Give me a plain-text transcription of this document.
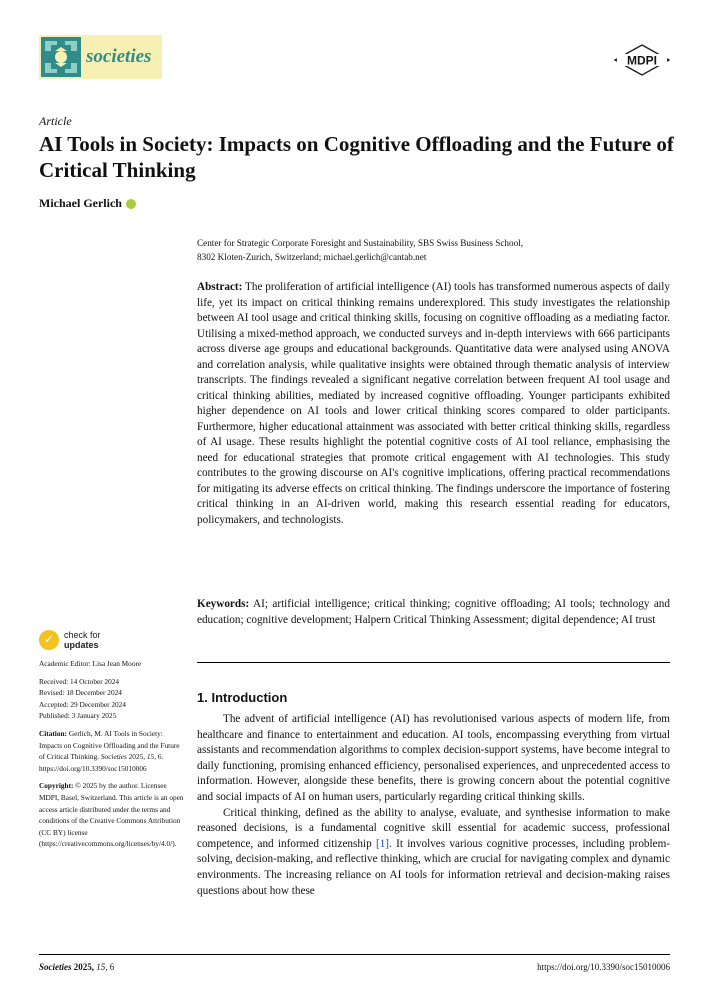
societies	MDPI
Article
AI Tools in Society: Impacts on Cognitive Offloading and the Future of Critical Thinking
Michael Gerlich
Center for Strategic Corporate Foresight and Sustainability, SBS Swiss Business School,
8302 Kloten-Zurich, Switzerland; michael.gerlich@cantab.net
Abstract: The proliferation of artificial intelligence (AI) tools has transformed numerous aspects of daily life, yet its impact on critical thinking remains underexplored. This study investigates the relationship between AI tool usage and critical thinking skills, focusing on cognitive offloading as a mediating factor. Utilising a mixed-method approach, we conducted surveys and in-depth interviews with 666 participants across diverse age groups and educational backgrounds. Quantitative data were analysed using ANOVA and correlation analysis, while qualitative insights were obtained through thematic analysis of interview transcripts. The findings revealed a significant negative correlation between frequent AI tool usage and critical thinking abilities, mediated by increased cognitive offloading. Younger participants exhibited higher dependence on AI tools and lower critical thinking scores compared to older participants. Furthermore, higher educational attainment was associated with better critical thinking skills, regardless of AI usage. These results highlight the potential cognitive costs of AI tool reliance, emphasising the need for educational strategies that promote critical engagement with AI technologies. This study contributes to the growing discourse on AI's cognitive implications, offering practical recommendations for mitigating its adverse effects on critical thinking. The findings underscore the importance of fostering critical thinking in an AI-driven world, making this research essential reading for educators, policymakers, and technologists.
Keywords: AI; artificial intelligence; critical thinking; cognitive offloading; AI tools; technology and education; cognitive development; Halpern Critical Thinking Assessment; digital dependence; AI trust
1. Introduction

The advent of artificial intelligence (AI) has revolutionised various aspects of modern life, from healthcare and finance to entertainment and education. AI tools, encompassing everything from virtual assistants and recommendation algorithms to complex decision-support systems, have become integral to daily functioning, promising enhanced efficiency, personalised experiences, and unprecedented access to information. However, alongside these benefits, there is growing concern about the potential cognitive and social impacts of AI on human users, particularly regarding critical thinking skills.

Critical thinking, defined as the ability to analyse, evaluate, and synthesise information to make reasoned decisions, is a fundamental cognitive skill essential for academic success, professional competence, and informed citizenship [1]. It involves various cognitive processes, including problem-solving, decision-making, and reflective thinking, which are crucial for navigating complex and dynamic environments. The increasing reliance on AI tools for information retrieval and decision-making raises questions about how these

✓	check for
updates
Academic Editor: Lisa Jean Moore
Received: 14 October 2024
Revised: 18 December 2024
Accepted: 29 December 2024
Published: 3 January 2025
Citation: Gerlich, M. AI Tools in Society: Impacts on Cognitive Offloading and the Future of Critical Thinking. Societies 2025, 15, 6. https://doi.org/10.3390/soc15010006
Copyright: © 2025 by the author. Licensee MDPI, Basel, Switzerland. This article is an open access article distributed under the terms and conditions of the Creative Commons Attribution (CC BY) license (https://creativecommons.org/licenses/by/4.0/).
Societies 2025, 15, 6	https://doi.org/10.3390/soc15010006
